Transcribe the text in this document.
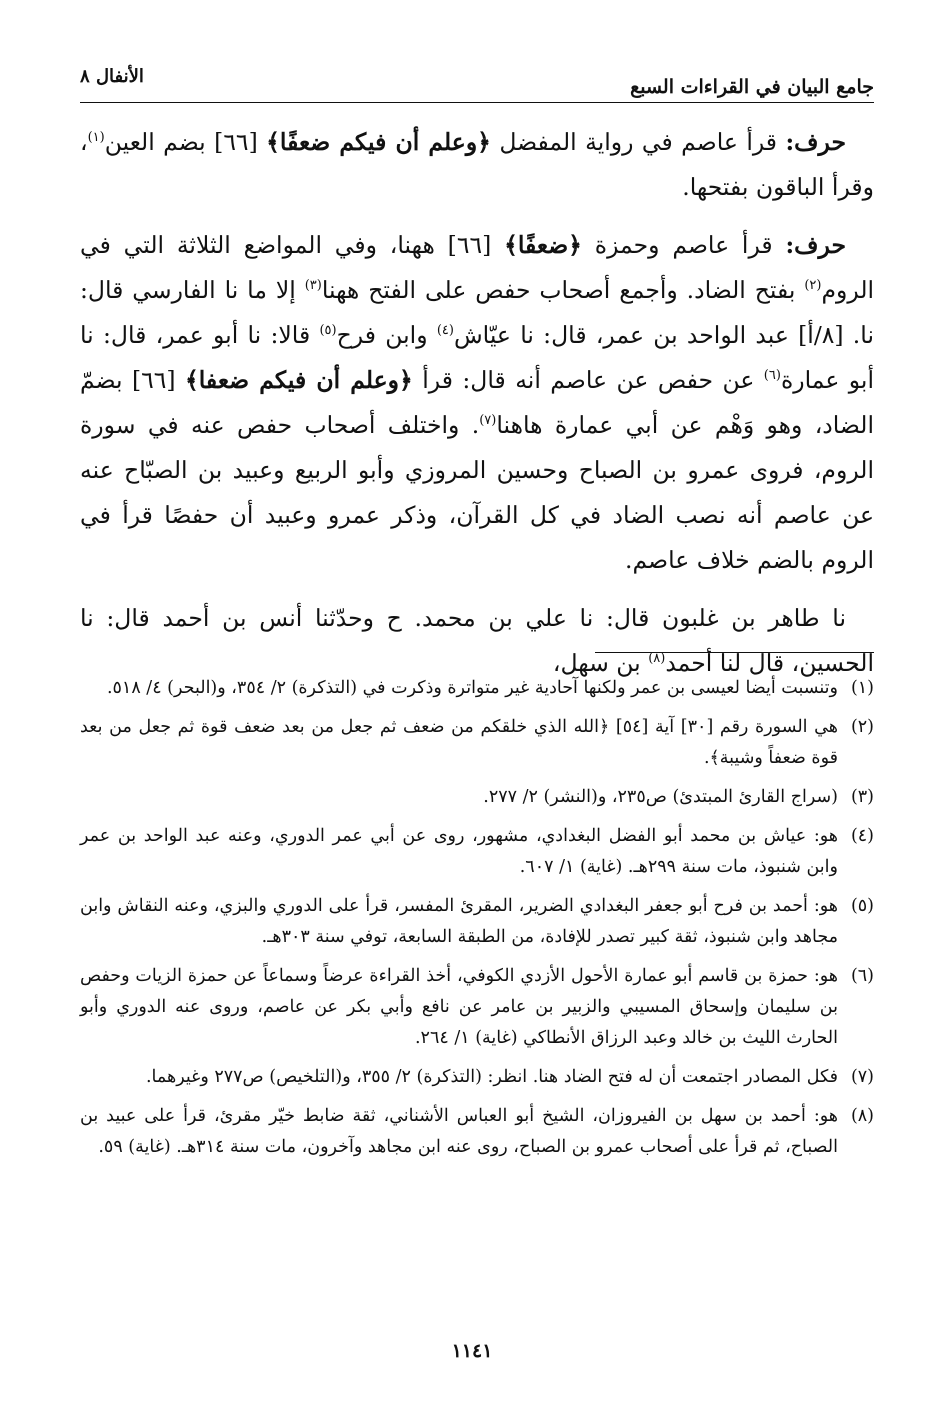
جامع البيان في القراءات السبع
الأنفال ٨

حرف: قرأ عاصم في رواية المفضل ﴿وعلم أن فيكم ضعفًا﴾ [٦٦] بضم العين$^{(١)}$، وقرأ الباقون بفتحها.

حرف: قرأ عاصم وحمزة ﴿ضعفًا﴾ [٦٦] ههنا، وفي المواضع الثلاثة التي في الروم$^{(٢)}$ بفتح الضاد. وأجمع أصحاب حفص على الفتح ههنا$^{(٣)}$ إلا ما نا الفارسي قال: نا. [٨/أ] عبد الواحد بن عمر، قال: نا عيّاش$^{(٤)}$ وابن فرح$^{(٥)}$ قالا: نا أبو عمر، قال: نا أبو عمارة$^{(٦)}$ عن حفص عن عاصم أنه قال: قرأ ﴿وعلم أن فيكم ضعفا﴾ [٦٦] بضمّ الضاد، وهو وَهْم عن أبي عمارة هاهنا$^{(٧)}$. واختلف أصحاب حفص عنه في سورة الروم، فروى عمرو بن الصباح وحسين المروزي وأبو الربيع وعبيد بن الصبّاح عنه عن عاصم أنه نصب الضاد في كل القرآن، وذكر عمرو وعبيد أن حفصًا قرأ في الروم بالضم خلاف عاصم.

نا طاهر بن غلبون قال: نا علي بن محمد. ح وحدّثنا أنس بن أحمد قال: نا الحسين، قال لنا أحمد$^{(٨)}$ بن سهل،

(١)
وتنسبت أيضا لعيسى بن عمر ولكنها آحادية غير متواترة وذكرت في (التذكرة) ٢/ ٣٥٤، و(البحر) ٤/ ٥١٨.
(٢)
هي السورة رقم [٣٠] آية [٥٤] ﴿الله الذي خلقكم من ضعف ثم جعل من بعد ضعف قوة ثم جعل من بعد قوة ضعفاً وشيبة﴾.
(٣)
(سراج القارئ المبتدئ) ص٢٣٥، و(النشر) ٢/ ٢٧٧.
(٤)
هو: عياش بن محمد أبو الفضل البغدادي، مشهور، روى عن أبي عمر الدوري، وعنه عبد الواحد بن عمر وابن شنبوذ، مات سنة ٢٩٩هـ. (غاية) ١/ ٦٠٧.
(٥)
هو: أحمد بن فرح أبو جعفر البغدادي الضرير، المقرئ المفسر، قرأ على الدوري والبزي، وعنه النقاش وابن مجاهد وابن شنبوذ، ثقة كبير تصدر للإفادة، من الطبقة السابعة، توفي سنة ٣٠٣هـ.
(٦)
هو: حمزة بن قاسم أبو عمارة الأحول الأزدي الكوفي، أخذ القراءة عرضاً وسماعاً عن حمزة الزيات وحفص بن سليمان وإسحاق المسيبي والزبير بن عامر عن نافع وأبي بكر عن عاصم، وروى عنه الدوري وأبو الحارث الليث بن خالد وعبد الرزاق الأنطاكي (غاية) ١/ ٢٦٤.
(٧)
فكل المصادر اجتمعت أن له فتح الضاد هنا. انظر: (التذكرة) ٢/ ٣٥٥، و(التلخيص) ص٢٧٧ وغيرهما.
(٨)
هو: أحمد بن سهل بن الفيروزان، الشيخ أبو العباس الأشناني، ثقة ضابط خيّر مقرئ، قرأ على عبيد بن الصباح، ثم قرأ على أصحاب عمرو بن الصباح، روى عنه ابن مجاهد وآخرون، مات سنة ٣١٤هـ. (غاية) ٥٩.
١١٤١
